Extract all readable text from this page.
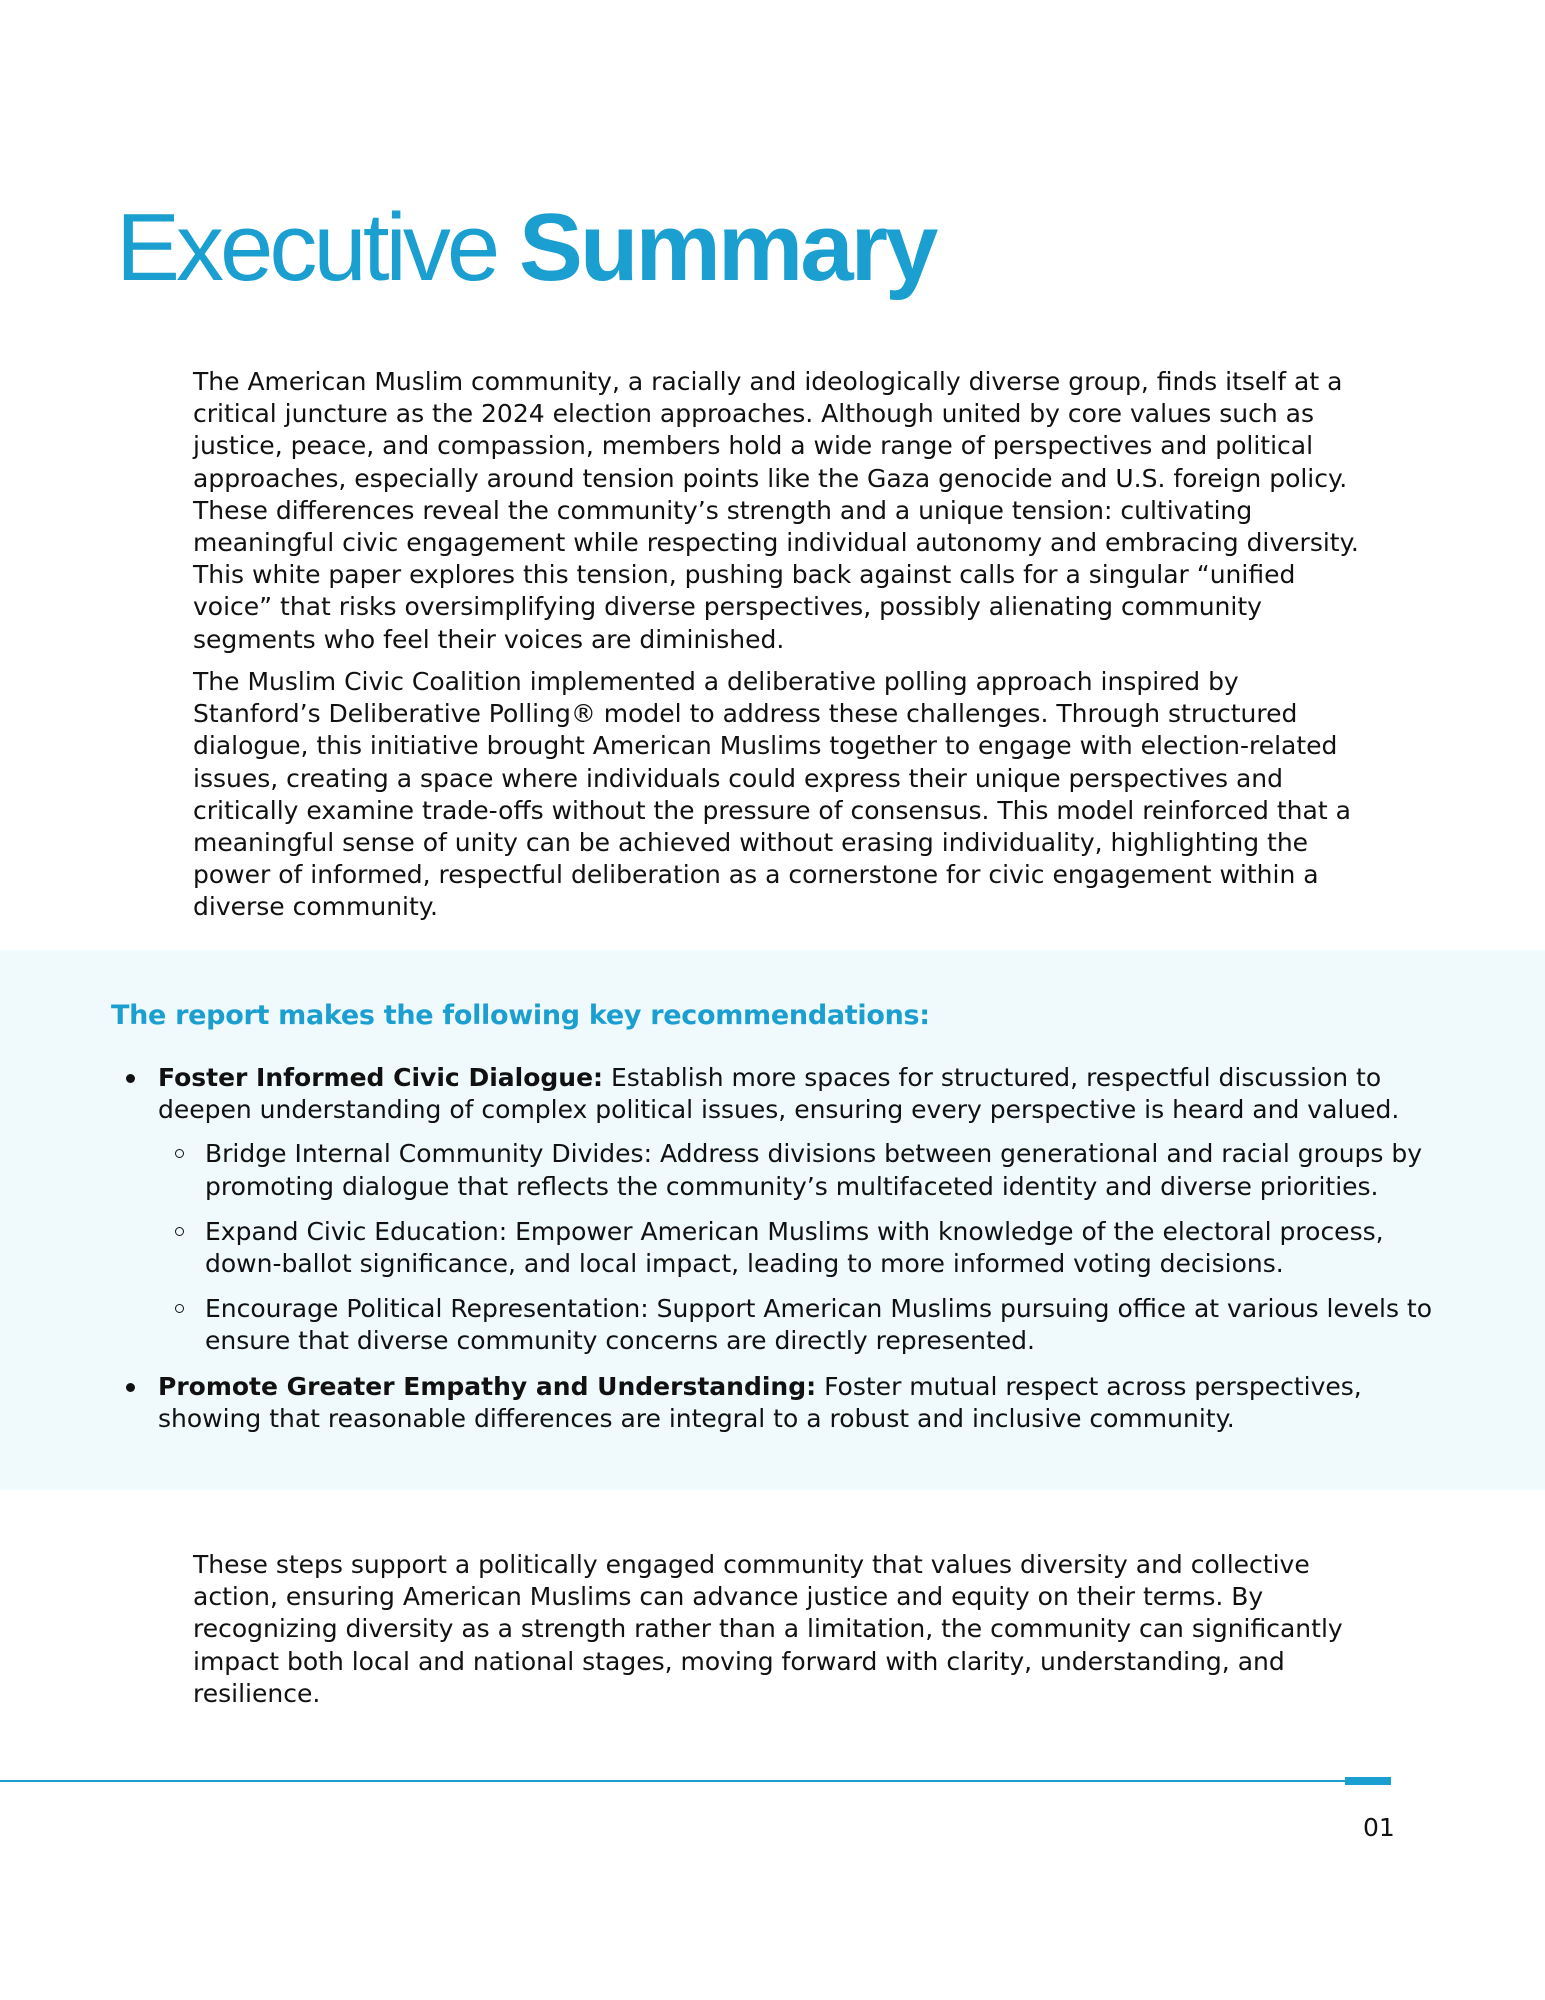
Executive Summary

The American Muslim community, a racially and ideologically diverse group, finds itself at a critical juncture as the 2024 election approaches. Although united by core values such as justice, peace, and compassion, members hold a wide range of perspectives and political approaches, especially around tension points like the Gaza genocide and U.S. foreign policy. These differences reveal the community’s strength and a unique tension: cultivating meaningful civic engagement while respecting individual autonomy and embracing diversity. This white paper explores this tension, pushing back against calls for a singular “unified voice” that risks oversimplifying diverse perspectives, possibly alienating community segments who feel their voices are diminished.

The Muslim Civic Coalition implemented a deliberative polling approach inspired by Stanford’s Deliberative Polling® model to address these challenges. Through structured dialogue, this initiative brought American Muslims together to engage with election-related issues, creating a space where individuals could express their unique perspectives and critically examine trade-offs without the pressure of consensus. This model reinforced that a meaningful sense of unity can be achieved without erasing individuality, highlighting the power of informed, respectful deliberation as a cornerstone for civic engagement within a diverse community.

The report makes the following key recommendations:
Foster Informed Civic Dialogue: Establish more spaces for structured, respectful discussion to deepen understanding of complex political issues, ensuring every perspective is heard and valued.
Bridge Internal Community Divides: Address divisions between generational and racial groups by promoting dialogue that reflects the community’s multifaceted identity and diverse priorities.
Expand Civic Education: Empower American Muslims with knowledge of the electoral process, down-ballot significance, and local impact, leading to more informed voting decisions.
Encourage Political Representation: Support American Muslims pursuing office at various levels to ensure that diverse community concerns are directly represented.
Promote Greater Empathy and Understanding: Foster mutual respect across perspectives, showing that reasonable differences are integral to a robust and inclusive community.

These steps support a politically engaged community that values diversity and collective action, ensuring American Muslims can advance justice and equity on their terms. By recognizing diversity as a strength rather than a limitation, the community can significantly impact both local and national stages, moving forward with clarity, understanding, and resilience.

01
